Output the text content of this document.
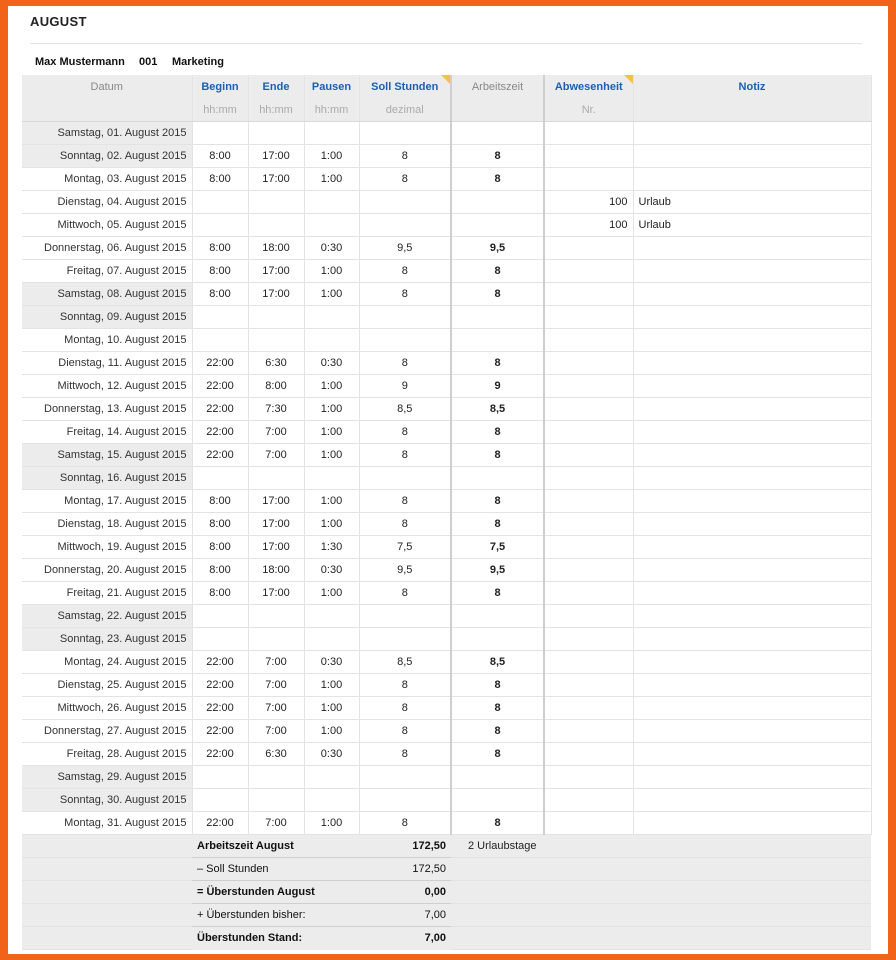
AUGUST
Max Mustermann 001 Marketing
Datum	Beginn	Ende	Pausen	Soll Stunden	Arbeitszeit	Abwesenheit	Notiz
	hh:mm	hh:mm	hh:mm	dezimal		Nr.	
Samstag, 01. August 2015							
Sonntag, 02. August 2015	8:00	17:00	1:00	8	8		
Montag, 03. August 2015	8:00	17:00	1:00	8	8		
Dienstag, 04. August 2015						100	Urlaub
Mittwoch, 05. August 2015						100	Urlaub
Donnerstag, 06. August 2015	8:00	18:00	0:30	9,5	9,5		
Freitag, 07. August 2015	8:00	17:00	1:00	8	8		
Samstag, 08. August 2015	8:00	17:00	1:00	8	8		
Sonntag, 09. August 2015							
Montag, 10. August 2015							
Dienstag, 11. August 2015	22:00	6:30	0:30	8	8		
Mittwoch, 12. August 2015	22:00	8:00	1:00	9	9		
Donnerstag, 13. August 2015	22:00	7:30	1:00	8,5	8,5		
Freitag, 14. August 2015	22:00	7:00	1:00	8	8		
Samstag, 15. August 2015	22:00	7:00	1:00	8	8		
Sonntag, 16. August 2015							
Montag, 17. August 2015	8:00	17:00	1:00	8	8		
Dienstag, 18. August 2015	8:00	17:00	1:00	8	8		
Mittwoch, 19. August 2015	8:00	17:00	1:30	7,5	7,5		
Donnerstag, 20. August 2015	8:00	18:00	0:30	9,5	9,5		
Freitag, 21. August 2015	8:00	17:00	1:00	8	8		
Samstag, 22. August 2015							
Sonntag, 23. August 2015							
Montag, 24. August 2015	22:00	7:00	0:30	8,5	8,5		
Dienstag, 25. August 2015	22:00	7:00	1:00	8	8		
Mittwoch, 26. August 2015	22:00	7:00	1:00	8	8		
Donnerstag, 27. August 2015	22:00	7:00	1:00	8	8		
Freitag, 28. August 2015	22:00	6:30	0:30	8	8		
Samstag, 29. August 2015							
Sonntag, 30. August 2015							
Montag, 31. August 2015	22:00	7:00	1:00	8	8		
	Arbeitszeit August			172,50	2 Urlaubstage		
	– Soll Stunden			172,50			
	= Überstunden August			0,00			
	+ Überstunden bisher:			7,00			
	Überstunden Stand:			7,00			
